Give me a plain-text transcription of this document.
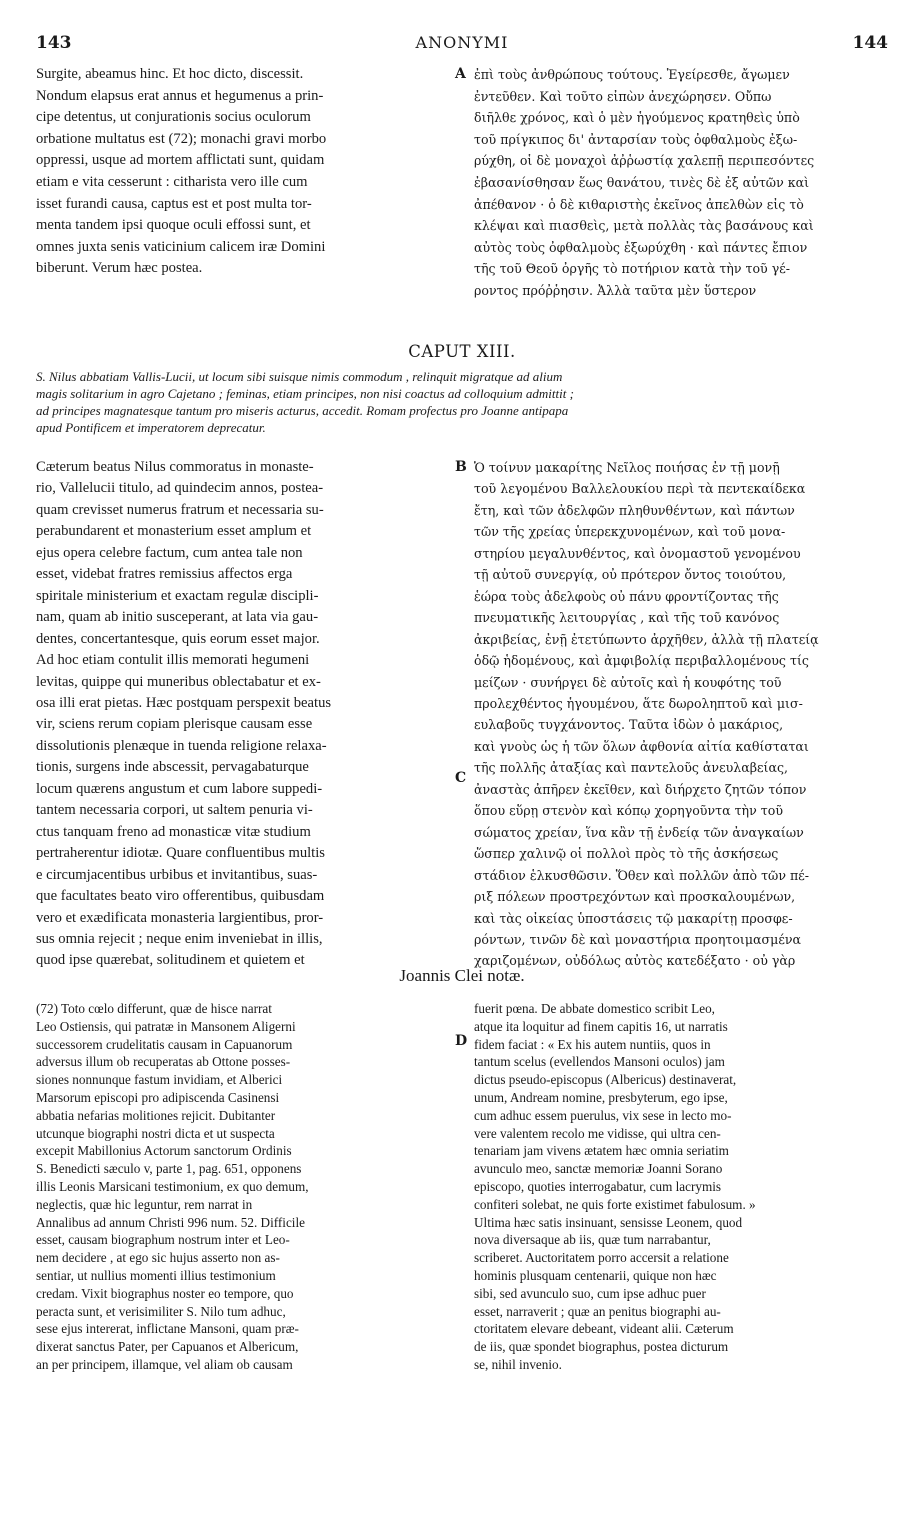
143	ANONYMI	144
Surgite, abeamus hinc. Et hoc dicto, discessit.
Nondum elapsus erat annus et hegumenus a prin-
cipe detentus, ut conjurationis socius oculorum
orbatione multatus est (72); monachi gravi morbo
oppressi, usque ad mortem afflictati sunt, quidam
etiam e vita cesserunt : citharista vero ille cum
isset furandi causa, captus est et post multa tor-
menta tandem ipsi quoque oculi effossi sunt, et
omnes juxta senis vaticinium calicem iræ Domini
biberunt. Verum hæc postea.
A ἐπὶ τοὺς ἀνθρώπους τούτους. Ἐγείρεσθε, ἄγωμεν
ἐντεῦθεν. Καὶ τοῦτο εἰπὼν ἀνεχώρησεν. Οὔπω
διῆλθε χρόνος, καὶ ὁ μὲν ἡγούμενος κρατηθεὶς ὑπὸ
τοῦ πρίγκιπος δι' ἀνταρσίαν τοὺς ὀφθαλμοὺς ἐξω-
ρύχθη, οἱ δὲ μοναχοὶ ἀῤῥωστίᾳ χαλεπῇ περιπεσόντες
ἐβασανίσθησαν ἕως θανάτου, τινὲς δὲ ἐξ αὐτῶν καὶ
ἀπέθανον · ὁ δὲ κιθαριστὴς ἐκεῖνος ἀπελθὼν εἰς τὸ
κλέψαι καὶ πιασθεὶς, μετὰ πολλὰς τὰς βασάνους καὶ
αὐτὸς τοὺς ὀφθαλμοὺς ἐξωρύχθη · καὶ πάντες ἔπιον
τῆς τοῦ Θεοῦ ὀργῆς τὸ ποτήριον κατὰ τὴν τοῦ γέ-
ροντος πρόῤῥησιν. Ἀλλὰ ταῦτα μὲν ὕστερον
CAPUT XIII.
S. Nilus abbatiam Vallis-Lucii, ut locum sibi suisque nimis commodum , relinquit migratque ad alium
magis solitarium in agro Cajetano ; feminas, etiam principes, non nisi coactus ad colloquium admittit ;
ad principes magnatesque tantum pro miseris acturus, accedit. Romam profectus pro Joanne antipapa
apud Pontificem et imperatorem deprecatur.
Cæterum beatus Nilus commoratus in monaste-
rio, Vallelucii titulo, ad quindecim annos, postea-
quam crevisset numerus fratrum et necessaria su-
perabundarent et monasterium esset amplum et
ejus opera celebre factum, cum antea tale non
esset, videbat fratres remissius affectos erga
spiritale ministerium et exactam regulæ discipli-
nam, quam ab initio susceperant, at lata via gau-
dentes, concertantesque, quis eorum esset major.
Ad hoc etiam contulit illis memorati hegumeni
levitas, quippe qui muneribus oblectabatur et ex-
osa illi erat pietas. Hæc postquam perspexit beatus
vir, sciens rerum copiam plerisque causam esse
dissolutionis plenæque in tuenda religione relaxa-
tionis, surgens inde abscessit, pervagabaturque
locum quærens angustum et cum labore suppedi-
tantem necessaria corpori, ut saltem penuria vi-
ctus tanquam freno ad monasticæ vitæ studium
pertraherentur idiotæ. Quare confluentibus multis
e circumjacentibus urbibus et invitantibus, suas-
que facultates beato viro offerentibus, quibusdam
vero et exædificata monasteria largientibus, pror-
sus omnia rejecit ; neque enim inveniebat in illis,
quod ipse quærebat, solitudinem et quietem et
B
C
Ὁ τοίνυν μακαρίτης Νεῖλος ποιήσας ἐν τῇ μονῇ
τοῦ λεγομένου Βαλλελουκίου περὶ τὰ πεντεκαίδεκα
ἔτη, καὶ τῶν ἀδελφῶν πληθυνθέντων, καὶ πάντων
τῶν τῆς χρείας ὑπερεκχυνομένων, καὶ τοῦ μονα-
στηρίου μεγαλυνθέντος, καὶ ὀνομαστοῦ γενομένου
τῇ αὐτοῦ συνεργίᾳ, οὐ πρότερον ὄντος τοιούτου,
ἑώρα τοὺς ἀδελφοὺς οὐ πάνυ φροντίζοντας τῆς
πνευματικῆς λειτουργίας , καὶ τῆς τοῦ κανόνος
ἀκριβείας, ἐνῇ ἐτετύπωντο ἀρχῆθεν, ἀλλὰ τῇ πλατείᾳ
ὁδῷ ἡδομένους, καὶ ἀμφιβολίᾳ περιβαλλομένους τίς
μείζων · συνήργει δὲ αὐτοῖς καὶ ἡ κουφότης τοῦ
προλεχθέντος ἡγουμένου, ἅτε δωροληπτοῦ καὶ μισ-
ευλαβοῦς τυγχάνοντος. Ταῦτα ἰδὼν ὁ μακάριος,
καὶ γνοὺς ὡς ἡ τῶν ὅλων ἀφθονία αἰτία καθίσταται
τῆς πολλῆς ἀταξίας καὶ παντελοῦς ἀνευλαβείας,
ἀναστὰς ἀπῆρεν ἐκεῖθεν, καὶ διήρχετο ζητῶν τόπον
ὅπου εὕρῃ στενὸν καὶ κόπῳ χορηγοῦντα τὴν τοῦ
σώματος χρείαν, ἵνα κἂν τῇ ἐνδείᾳ τῶν ἀναγκαίων
ὥσπερ χαλινῷ οἱ πολλοὶ πρὸς τὸ τῆς ἀσκήσεως
στάδιον ἑλκυσθῶσιν. Ὅθεν καὶ πολλῶν ἀπὸ τῶν πέ-
ριξ πόλεων προστρεχόντων καὶ προσκαλουμένων,
καὶ τὰς οἰκείας ὑποστάσεις τῷ μακαρίτῃ προσφε-
ρόντων, τινῶν δὲ καὶ μοναστήρια προητοιμασμένα
χαριζομένων, οὐδόλως αὐτὸς κατεδέξατο · οὐ γὰρ
Joannis Clei notæ.
(72) Toto cœlo differunt, quæ de hisce narrat
Leo Ostiensis, qui patratæ in Mansonem Aligerni
successorem crudelitatis causam in Capuanorum
adversus illum ob recuperatas ab Ottone posses-
siones nonnunque fastum invidiam, et Alberici
Marsorum episcopi pro adipiscenda Casinensi
abbatia nefarias molitiones rejicit. Dubitanter
utcunque biographi nostri dicta et ut suspecta
excepit Mabillonius Actorum sanctorum Ordinis
S. Benedicti sæculo v, parte 1, pag. 651, opponens
illis Leonis Marsicani testimonium, ex quo demum,
neglectis, quæ hic leguntur, rem narrat in
Annalibus ad annum Christi 996 num. 52. Difficile
esset, causam biographum nostrum inter et Leo-
nem decidere , at ego sic hujus asserto non as-
sentiar, ut nullius momenti illius testimonium
credam. Vixit biographus noster eo tempore, quo
peracta sunt, et verisimiliter S. Nilo tum adhuc,
sese ejus intererat, inflictane Mansoni, quam præ-
dixerat sanctus Pater, per Capuanos et Albericum,
an per principem, illamque, vel aliam ob causam
D
fuerit pœna. De abbate domestico scribit Leo,
atque ita loquitur ad finem capitis 16, ut narratis
fidem faciat : « Ex his autem nuntiis, quos in
tantum scelus (evellendos Mansoni oculos) jam
dictus pseudo-episcopus (Albericus) destinaverat,
unum, Andream nomine, presbyterum, ego ipse,
cum adhuc essem puerulus, vix sese in lecto mo-
vere valentem recolo me vidisse, qui ultra cen-
tenariam jam vivens ætatem hæc omnia seriatim
avunculo meo, sanctæ memoriæ Joanni Sorano
episcopo, quoties interrogabatur, cum lacrymis
confiteri solebat, ne quis forte existimet fabulosum. »
Ultima hæc satis insinuant, sensisse Leonem, quod
nova diversaque ab iis, quæ tum narrabantur,
scriberet. Auctoritatem porro accersit a relatione
hominis plusquam centenarii, quique non hæc
sibi, sed avunculo suo, cum ipse adhuc puer
esset, narraverit ; quæ an penitus biographi au-
ctoritatem elevare debeant, videant alii. Cæterum
de iis, quæ spondet biographus, postea dicturum
se, nihil invenio.
